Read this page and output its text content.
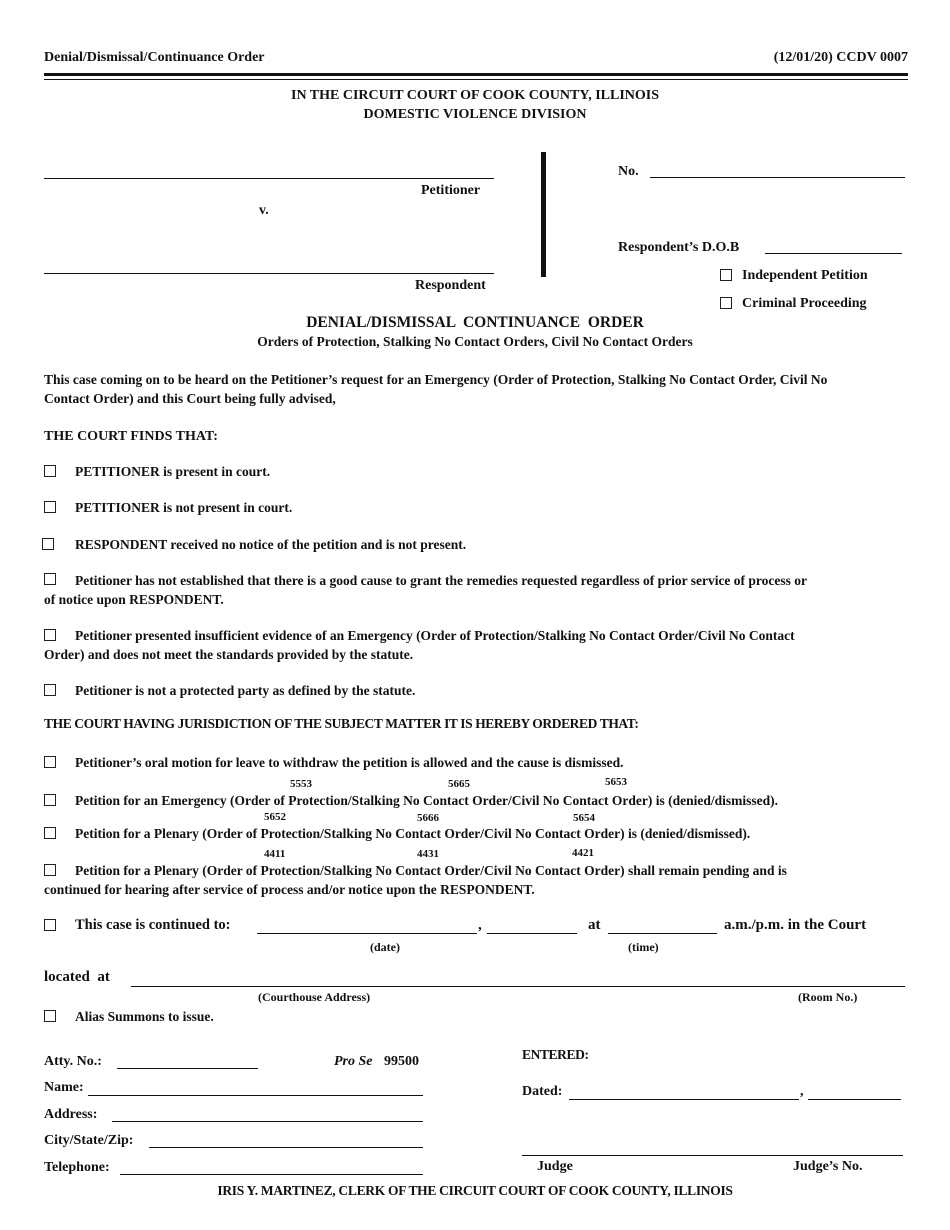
Denial/Dismissal/Continuance Order	(12/01/20) CCDV 0007
IN THE CIRCUIT COURT OF COOK COUNTY, ILLINOIS
DOMESTIC VIOLENCE DIVISION
Petitioner
v.
Respondent
No.
Respondent’s D.O.B
Independent Petition
Criminal Proceeding
DENIAL/DISMISSAL  CONTINUANCE  ORDER
Orders of Protection, Stalking No Contact Orders, Civil No Contact Orders
This case coming on to be heard on the Petitioner’s request for an Emergency (Order of Protection, Stalking No Contact Order, Civil No
Contact Order) and this Court being fully advised,
THE COURT FINDS THAT:
PETITIONER is present in court.
PETITIONER is not present in court.
RESPONDENT received no notice of the petition and is not present.
Petitioner has not established that there is a good cause to grant the remedies requested regardless of prior service of process or
of notice upon RESPONDENT.
Petitioner presented insufficient evidence of an Emergency (Order of Protection/Stalking No Contact Order/Civil No Contact
Order) and does not meet the standards provided by the statute.
Petitioner is not a protected party as defined by the statute.
THE COURT HAVING JURISDICTION OF THE SUBJECT MATTER IT IS HEREBY ORDERED THAT:
Petitioner’s oral motion for leave to withdraw the petition is allowed and the cause is dismissed.
5553	5665	5653
Petition for an Emergency (Order of Protection/Stalking No Contact Order/Civil No Contact Order) is (denied/dismissed).
5652	5666	5654
Petition for a Plenary (Order of Protection/Stalking No Contact Order/Civil No Contact Order) is (denied/dismissed).
4411	4431	4421
Petition for a Plenary (Order of Protection/Stalking No Contact Order/Civil No Contact Order) shall remain pending and is
continued for hearing after service of process and/or notice upon the RESPONDENT.
This case is continued to:	,	at	a.m./p.m. in the Court
(date)	(time)
located  at
(Courthouse Address)	(Room No.)
Alias Summons to issue.
Atty. No.:	Pro Se 99500
Name:
Address:
City/State/Zip:
Telephone:
ENTERED:
Dated:	,
Judge	Judge’s No.
IRIS Y. MARTINEZ, CLERK OF THE CIRCUIT COURT OF COOK COUNTY, ILLINOIS
